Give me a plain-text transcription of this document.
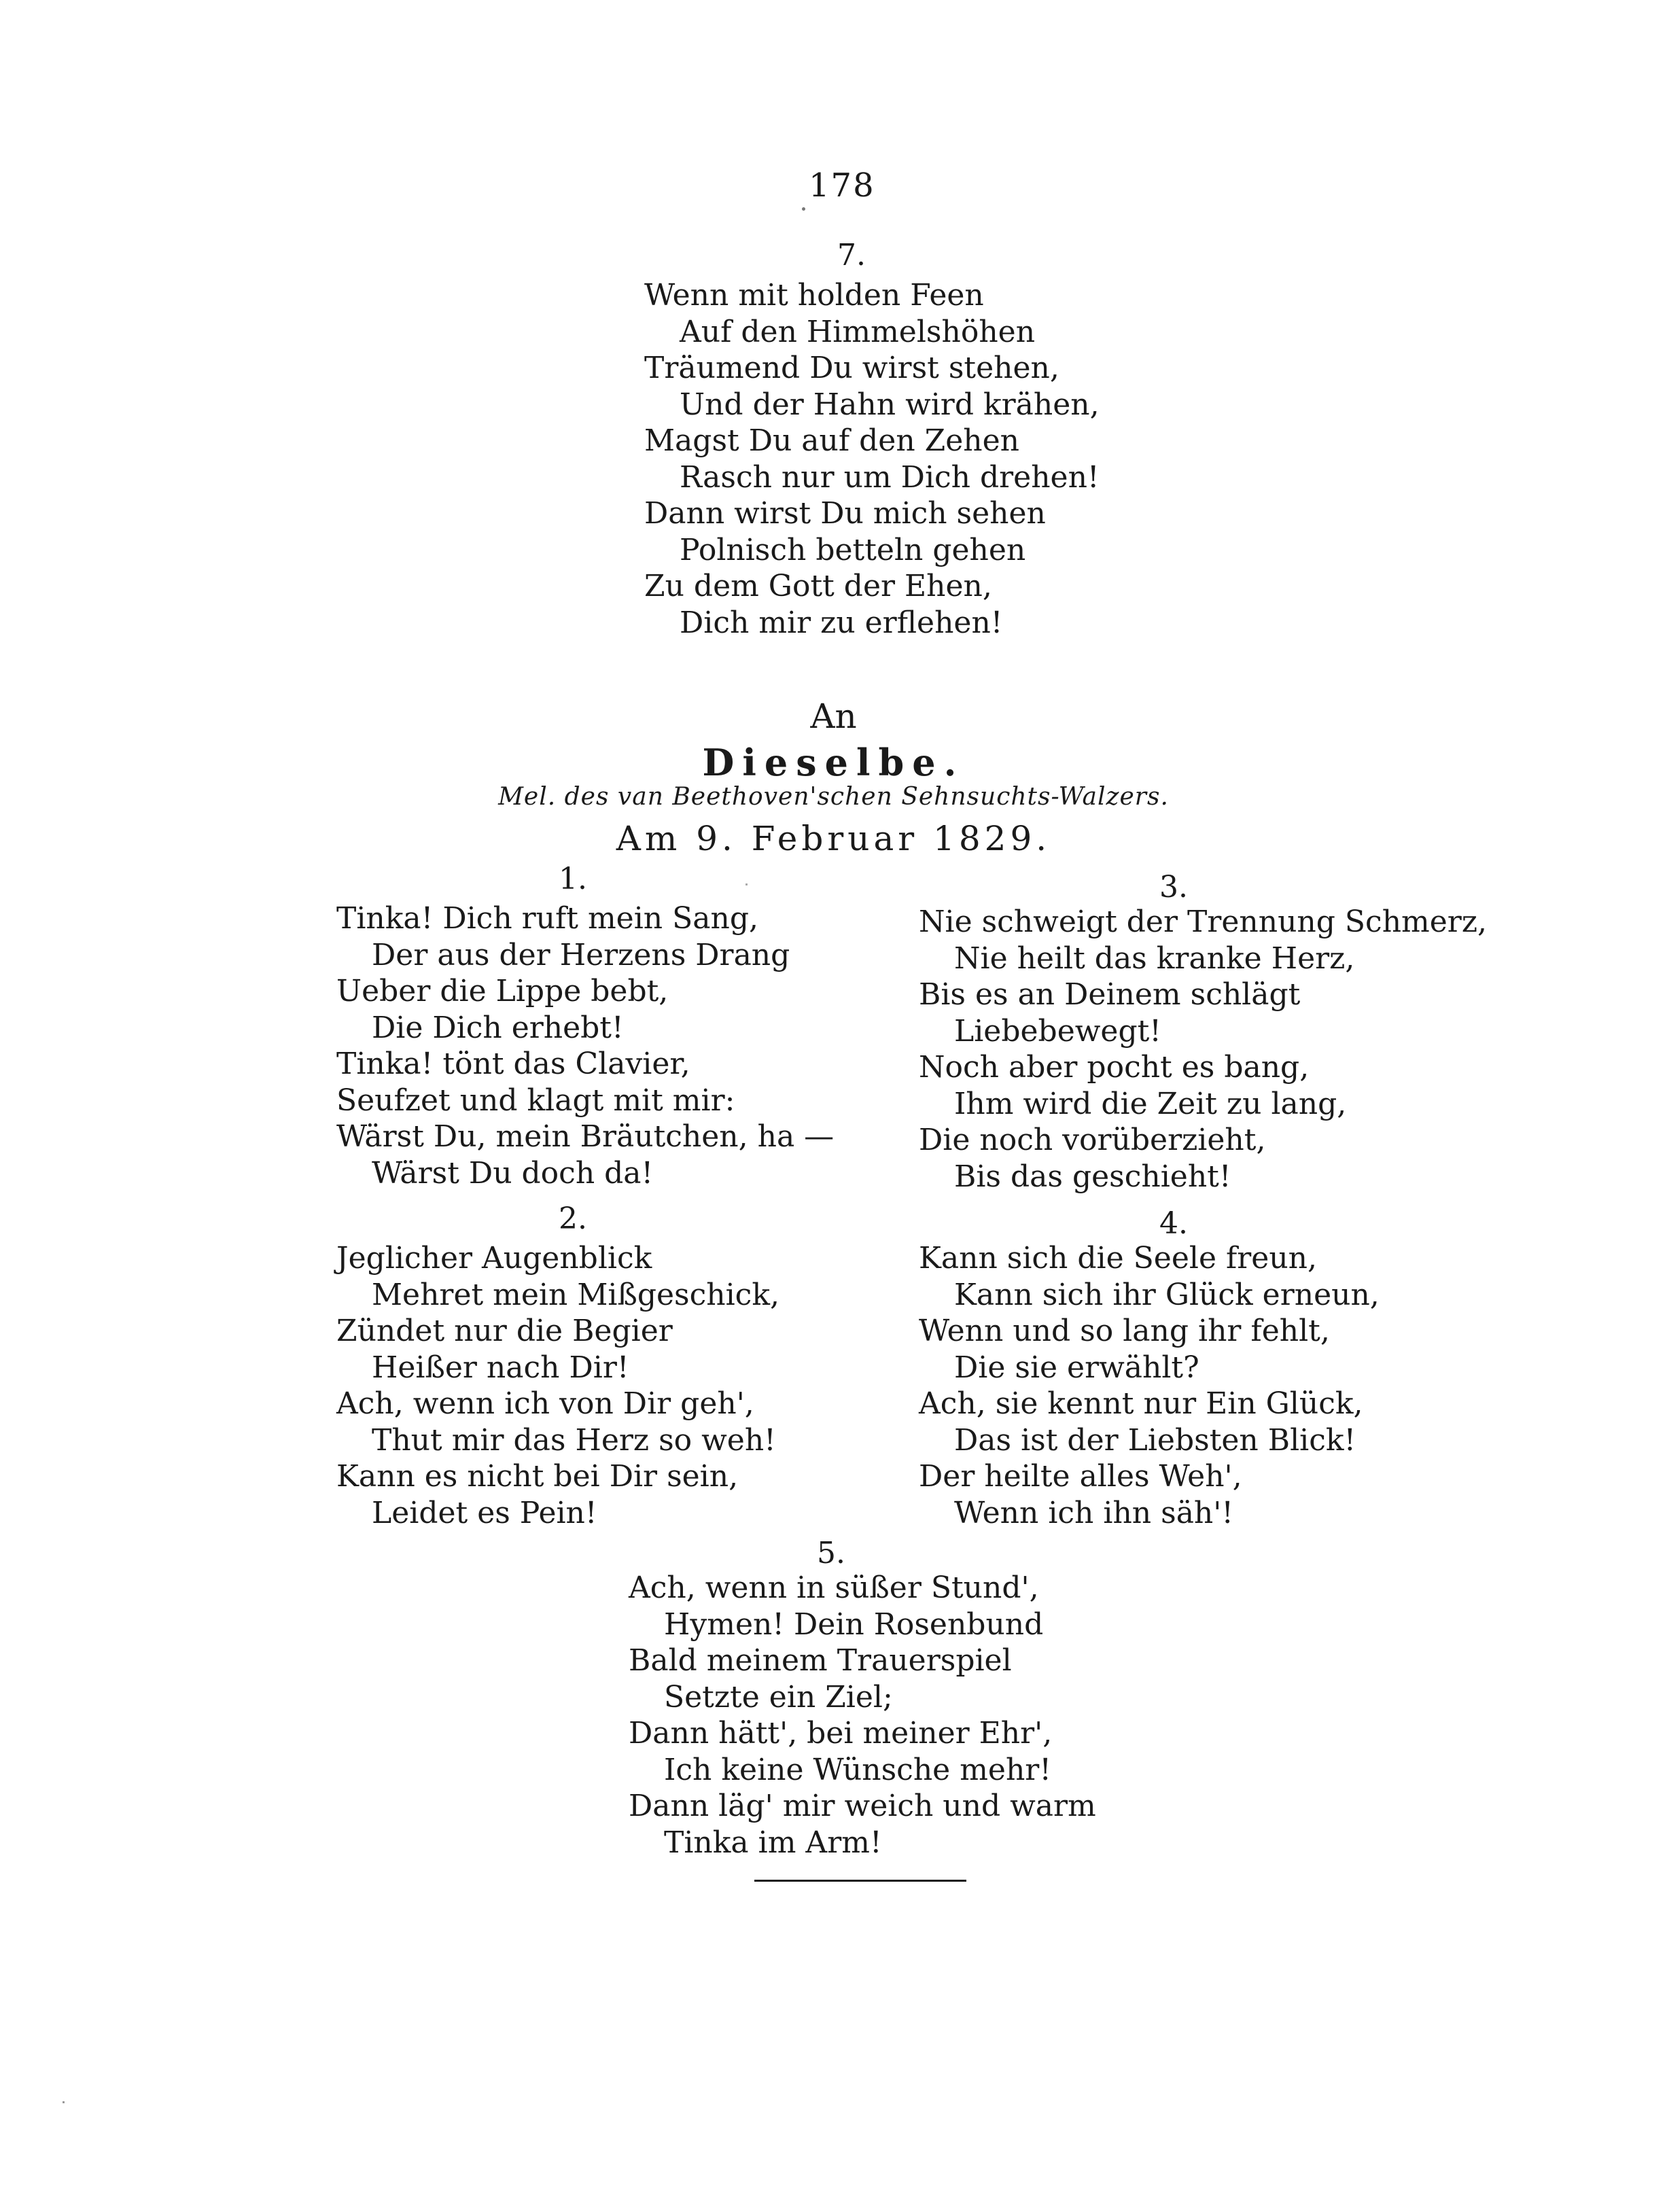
178
7.
Wenn mit holden Feen
Auf den Himmelshöhen
Träumend Du wirst stehen,
Und der Hahn wird krähen,
Magst Du auf den Zehen
Rasch nur um Dich drehen!
Dann wirst Du mich sehen
Polnisch betteln gehen
Zu dem Gott der Ehen,
Dich mir zu erflehen!
An
Dieselbe.
Mel. des van Beethoven'schen Sehnsuchts-Walzers.
Am 9. Februar 1829.
1.
Tinka! Dich ruft mein Sang,
Der aus der Herzens Drang
Ueber die Lippe bebt,
Die Dich erhebt!
Tinka! tönt das Clavier,
Seufzet und klagt mit mir:
Wärst Du, mein Bräutchen, ha —
Wärst Du doch da!
2.
Jeglicher Augenblick
Mehret mein Mißgeschick,
Zündet nur die Begier
Heißer nach Dir!
Ach, wenn ich von Dir geh',
Thut mir das Herz so weh!
Kann es nicht bei Dir sein,
Leidet es Pein!
3.
Nie schweigt der Trennung Schmerz,
Nie heilt das kranke Herz,
Bis es an Deinem schlägt
Liebebewegt!
Noch aber pocht es bang,
Ihm wird die Zeit zu lang,
Die noch vorüberzieht,
Bis das geschieht!
4.
Kann sich die Seele freun,
Kann sich ihr Glück erneun,
Wenn und so lang ihr fehlt,
Die sie erwählt?
Ach, sie kennt nur Ein Glück,
Das ist der Liebsten Blick!
Der heilte alles Weh',
Wenn ich ihn säh'!
5.
Ach, wenn in süßer Stund',
Hymen! Dein Rosenbund
Bald meinem Trauerspiel
Setzte ein Ziel;
Dann hätt', bei meiner Ehr',
Ich keine Wünsche mehr!
Dann läg' mir weich und warm
Tinka im Arm!
